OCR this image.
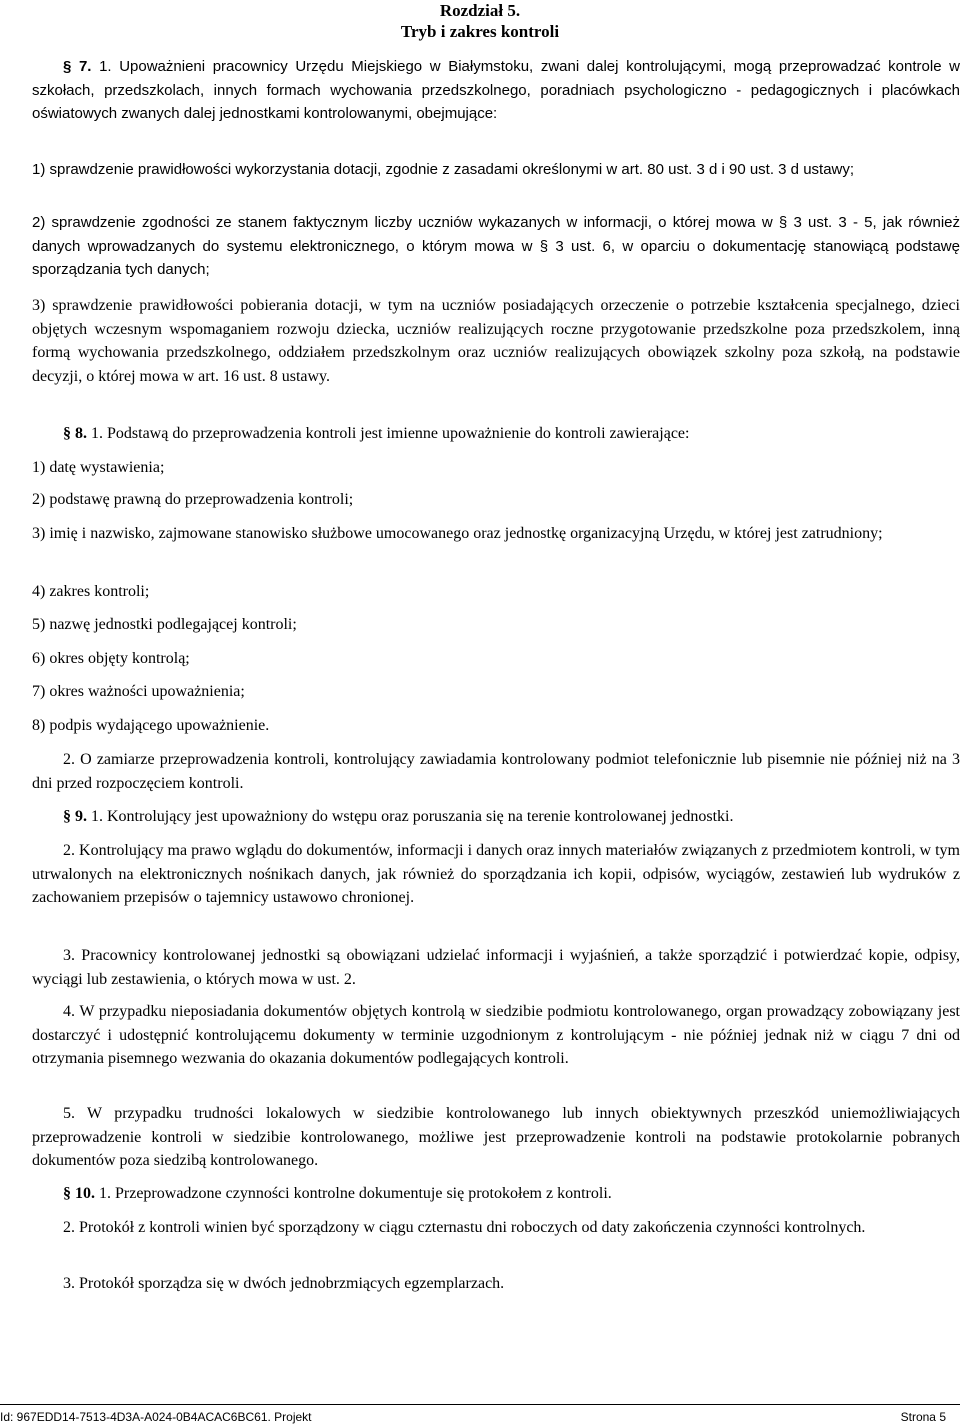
Rozdział 5.
Tryb i zakres kontroli
§ 7. 1. Upoważnieni pracownicy Urzędu Miejskiego w Białymstoku, zwani dalej kontrolującymi, mogą przeprowadzać kontrole w szkołach, przedszkolach, innych formach wychowania przedszkolnego, poradniach psychologiczno - pedagogicznych i placówkach oświatowych zwanych dalej jednostkami kontrolowanymi, obejmujące:
1) sprawdzenie prawidłowości wykorzystania dotacji, zgodnie z zasadami określonymi w art. 80 ust. 3 d i 90 ust. 3 d ustawy;
2) sprawdzenie zgodności ze stanem faktycznym liczby uczniów wykazanych w informacji, o której mowa w § 3 ust. 3 - 5, jak również danych wprowadzanych do systemu elektronicznego, o którym mowa w § 3 ust. 6, w oparciu o dokumentację stanowiącą podstawę sporządzania tych danych;
3) sprawdzenie prawidłowości pobierania dotacji, w tym na uczniów posiadających orzeczenie o potrzebie kształcenia specjalnego, dzieci objętych wczesnym wspomaganiem rozwoju dziecka, uczniów realizujących roczne przygotowanie przedszkolne poza przedszkolem, inną formą wychowania przedszkolnego, oddziałem przedszkolnym oraz uczniów realizujących obowiązek szkolny poza szkołą, na podstawie decyzji, o której mowa w art. 16 ust. 8 ustawy.
§ 8. 1. Podstawą do przeprowadzenia kontroli jest imienne upoważnienie do kontroli zawierające:
1) datę wystawienia;
2) podstawę prawną do przeprowadzenia kontroli;
3) imię i nazwisko, zajmowane stanowisko służbowe umocowanego oraz jednostkę organizacyjną Urzędu, w której jest zatrudniony;
4) zakres kontroli;
5) nazwę jednostki podlegającej kontroli;
6) okres objęty kontrolą;
7) okres ważności upoważnienia;
8) podpis wydającego upoważnienie.
2. O zamiarze przeprowadzenia kontroli, kontrolujący zawiadamia kontrolowany podmiot telefonicznie lub pisemnie nie później niż na 3 dni przed rozpoczęciem kontroli.
§ 9. 1. Kontrolujący jest upoważniony do wstępu oraz poruszania się na terenie kontrolowanej jednostki.
2. Kontrolujący ma prawo wglądu do dokumentów, informacji i danych oraz innych materiałów związanych z przedmiotem kontroli, w tym utrwalonych na elektronicznych nośnikach danych, jak również do sporządzania ich kopii, odpisów, wyciągów, zestawień lub wydruków z zachowaniem przepisów o tajemnicy ustawowo chronionej.
3. Pracownicy kontrolowanej jednostki są obowiązani udzielać informacji i wyjaśnień, a także sporządzić i potwierdzać kopie, odpisy, wyciągi lub zestawienia, o których mowa w ust. 2.
4. W przypadku nieposiadania dokumentów objętych kontrolą w siedzibie podmiotu kontrolowanego, organ prowadzący zobowiązany jest dostarczyć i udostępnić kontrolującemu dokumenty w terminie uzgodnionym z kontrolującym - nie później jednak niż w ciągu 7 dni od otrzymania pisemnego wezwania do okazania dokumentów podlegających kontroli.
5. W przypadku trudności lokalowych w siedzibie kontrolowanego lub innych obiektywnych przeszkód uniemożliwiających przeprowadzenie kontroli w siedzibie kontrolowanego, możliwe jest przeprowadzenie kontroli na podstawie protokolarnie pobranych dokumentów poza siedzibą kontrolowanego.
§ 10. 1. Przeprowadzone czynności kontrolne dokumentuje się protokołem z kontroli.
2. Protokół z kontroli winien być sporządzony w ciągu czternastu dni roboczych od daty zakończenia czynności kontrolnych.
3. Protokół sporządza się w dwóch jednobrzmiących egzemplarzach.
Id: 967EDD14-7513-4D3A-A024-0B4ACAC6BC61. Projekt	Strona 5
